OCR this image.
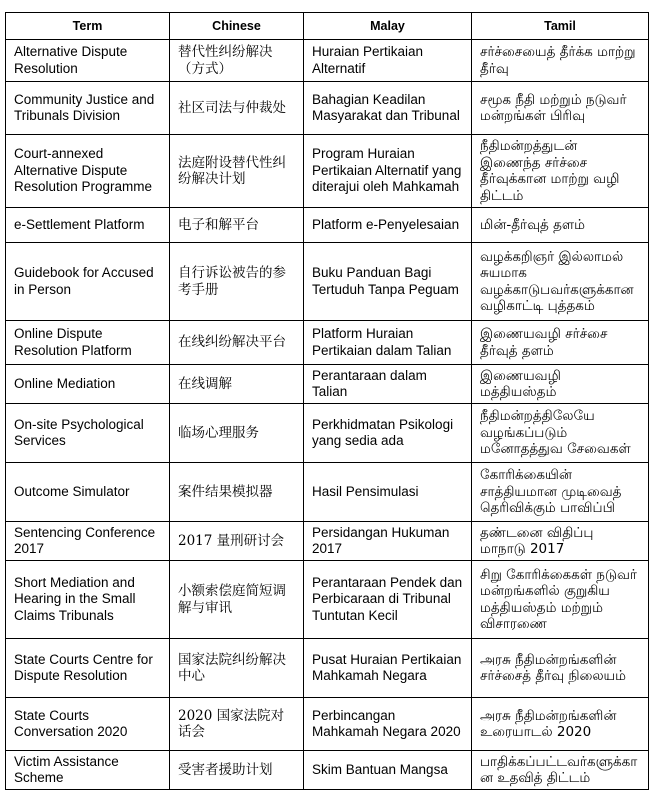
Term	Chinese	Malay	Tamil
Alternative Dispute Resolution	替代性纠纷解决（方式）	Huraian Pertikaian Alternatif	சர்ச்சையைத் தீர்க்க மாற்று தீர்வு
Community Justice and Tribunals Division	社区司法与仲裁处	Bahagian Keadilan Masyarakat dan Tribunal	சமூக நீதி மற்றும் நடுவர் மன்றங்கள் பிரிவு
Court-annexed Alternative Dispute Resolution Programme	法庭附设替代性纠纷解决计划	Program Huraian Pertikaian Alternatif yang diterajui oleh Mahkamah	நீதிமன்றத்துடன் இணைந்த சர்ச்சை தீர்வுக்கான மாற்று வழி திட்டம்
e-Settlement Platform	电子和解平台	Platform e-Penyelesaian	மின்-தீர்வுத் தளம்
Guidebook for Accused in Person	自行诉讼被告的参考手册	Buku Panduan Bagi Tertuduh Tanpa Peguam	வழக்கறிஞர் இல்லாமல் சுயமாக வழக்காடுபவர்களுக்கான வழிகாட்டி புத்தகம்
Online Dispute Resolution Platform	在线纠纷解决平台	Platform Huraian Pertikaian dalam Talian	இணையவழி சர்ச்சை தீர்வுத் தளம்
Online Mediation	在线调解	Perantaraan dalam Talian	இணையவழி மத்தியஸ்தம்
On-site Psychological Services	临场心理服务	Perkhidmatan Psikologi yang sedia ada	நீதிமன்றத்திலேயே வழங்கப்படும் மனோதத்துவ சேவைகள்
Outcome Simulator	案件结果模拟器	Hasil Pensimulasi	கோரிக்கையின் சாத்தியமான முடிவைத் தெரிவிக்கும் பாவிப்பி
Sentencing Conference 2017	2017 量刑研讨会	Persidangan Hukuman 2017	தண்டனை விதிப்பு மாநாடு 2017
Short Mediation and Hearing in the Small Claims Tribunals	小额索偿庭简短调解与审讯	Perantaraan Pendek dan Perbicaraan di Tribunal Tuntutan Kecil	சிறு கோரிக்கைகள் நடுவர் மன்றங்களில் குறுகிய மத்தியஸ்தம் மற்றும் விசாரணை
State Courts Centre for Dispute Resolution	国家法院纠纷解决中心	Pusat Huraian Pertikaian Mahkamah Negara	அரசு நீதிமன்றங்களின் சர்ச்சைத் தீர்வு நிலையம்
State Courts Conversation 2020	2020 国家法院对话会	Perbincangan Mahkamah Negara 2020	அரசு நீதிமன்றங்களின் உரையாடல் 2020
Victim Assistance Scheme	受害者援助计划	Skim Bantuan Mangsa	பாதிக்கப்பட்டவர்களுக்கான உதவித் திட்டம்
